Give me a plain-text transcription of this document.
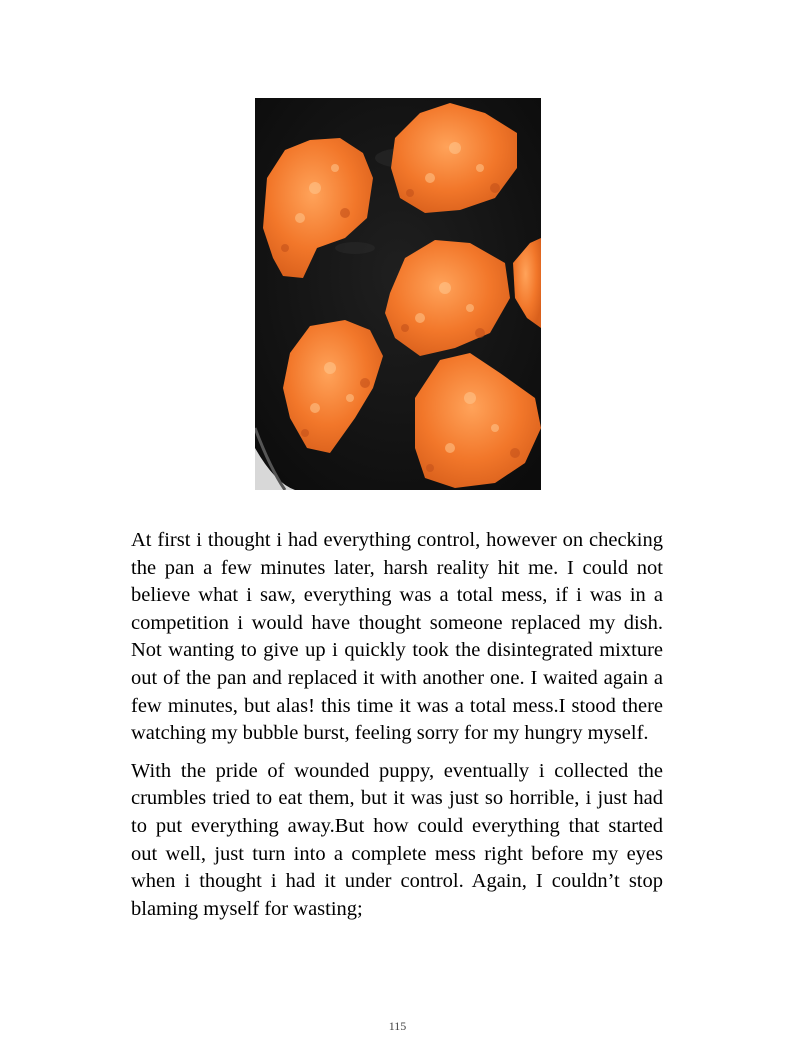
At first i thought i had everything control, however on checking the pan a few minutes later, harsh reality hit me. I could not believe what i saw, everything was a total mess, if i was in a competition i would have thought someone replaced my dish. Not wanting to give up i quickly took the disintegrated mixture out of the pan and replaced it with another one. I waited again a few minutes, but alas! this time it was a total mess.I stood there watching my bubble burst, feeling sorry for my hungry myself.

With the pride of wounded puppy, eventually i collected the crumbles tried to eat them, but it was just so horrible, i just had to put everything away.But how could everything that started out well, just turn into a complete mess right before my eyes when i thought i had it under control. Again, I couldn’t stop blaming myself for wasting;

115
